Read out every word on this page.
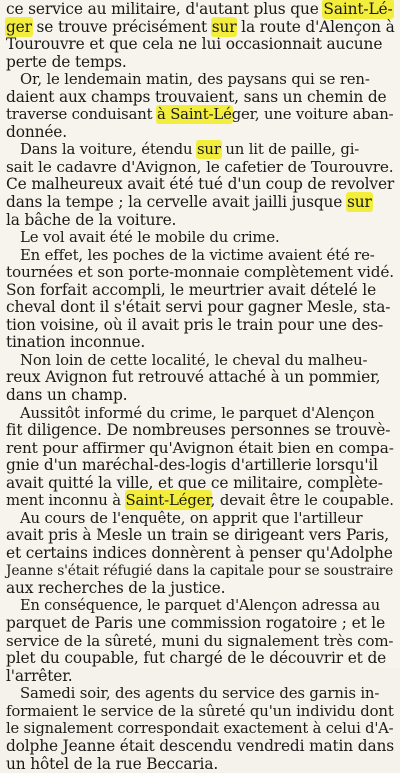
ce service au militaire, d'autant plus que Saint-Lé-
ger se trouve précisément sur la route d'Alençon à
Tourouvre et que cela ne lui occasionnait aucune
perte de temps.
Or, le lendemain matin, des paysans qui se ren-
daient aux champs trouvaient, sans un chemin de
traverse conduisant à Saint-Léger, une voiture aban-
donnée.
Dans la voiture, étendu sur un lit de paille, gi-
sait le cadavre d'Avignon, le cafetier de Tourouvre.
Ce malheureux avait été tué d'un coup de revolver
dans la tempe ; la cervelle avait jailli jusque sur
la bâche de la voiture.
Le vol avait été le mobile du crime.
En effet, les poches de la victime avaient été re-
tournées et son porte-monnaie complètement vidé.
Son forfait accompli, le meurtrier avait dételé le
cheval dont il s'était servi pour gagner Mesle, sta-
tion voisine, où il avait pris le train pour une des-
tination inconnue.
Non loin de cette localité, le cheval du malheu-
reux Avignon fut retrouvé attaché à un pommier,
dans un champ.
Aussitôt informé du crime, le parquet d'Alençon
fit diligence. De nombreuses personnes se trouvè-
rent pour affirmer qu'Avignon était bien en compa-
gnie d'un maréchal-des-logis d'artillerie lorsqu'il
avait quitté la ville, et que ce militaire, complète-
ment inconnu à Saint-Léger, devait être le coupable.
Au cours de l'enquête, on apprit que l'artilleur
avait pris à Mesle un train se dirigeant vers Paris,
et certains indices donnèrent à penser qu'Adolphe
Jeanne s'était réfugié dans la capitale pour se soustraire
aux recherches de la justice.
En conséquence, le parquet d'Alençon adressa au
parquet de Paris une commission rogatoire ; et le
service de la sûreté, muni du signalement très com-
plet du coupable, fut chargé de le découvrir et de
l'arrêter.
Samedi soir, des agents du service des garnis in-
formaient le service de la sûreté qu'un individu dont
le signalement correspondait exactement à celui d'A-
dolphe Jeanne était descendu vendredi matin dans
un hôtel de la rue Beccaria.
